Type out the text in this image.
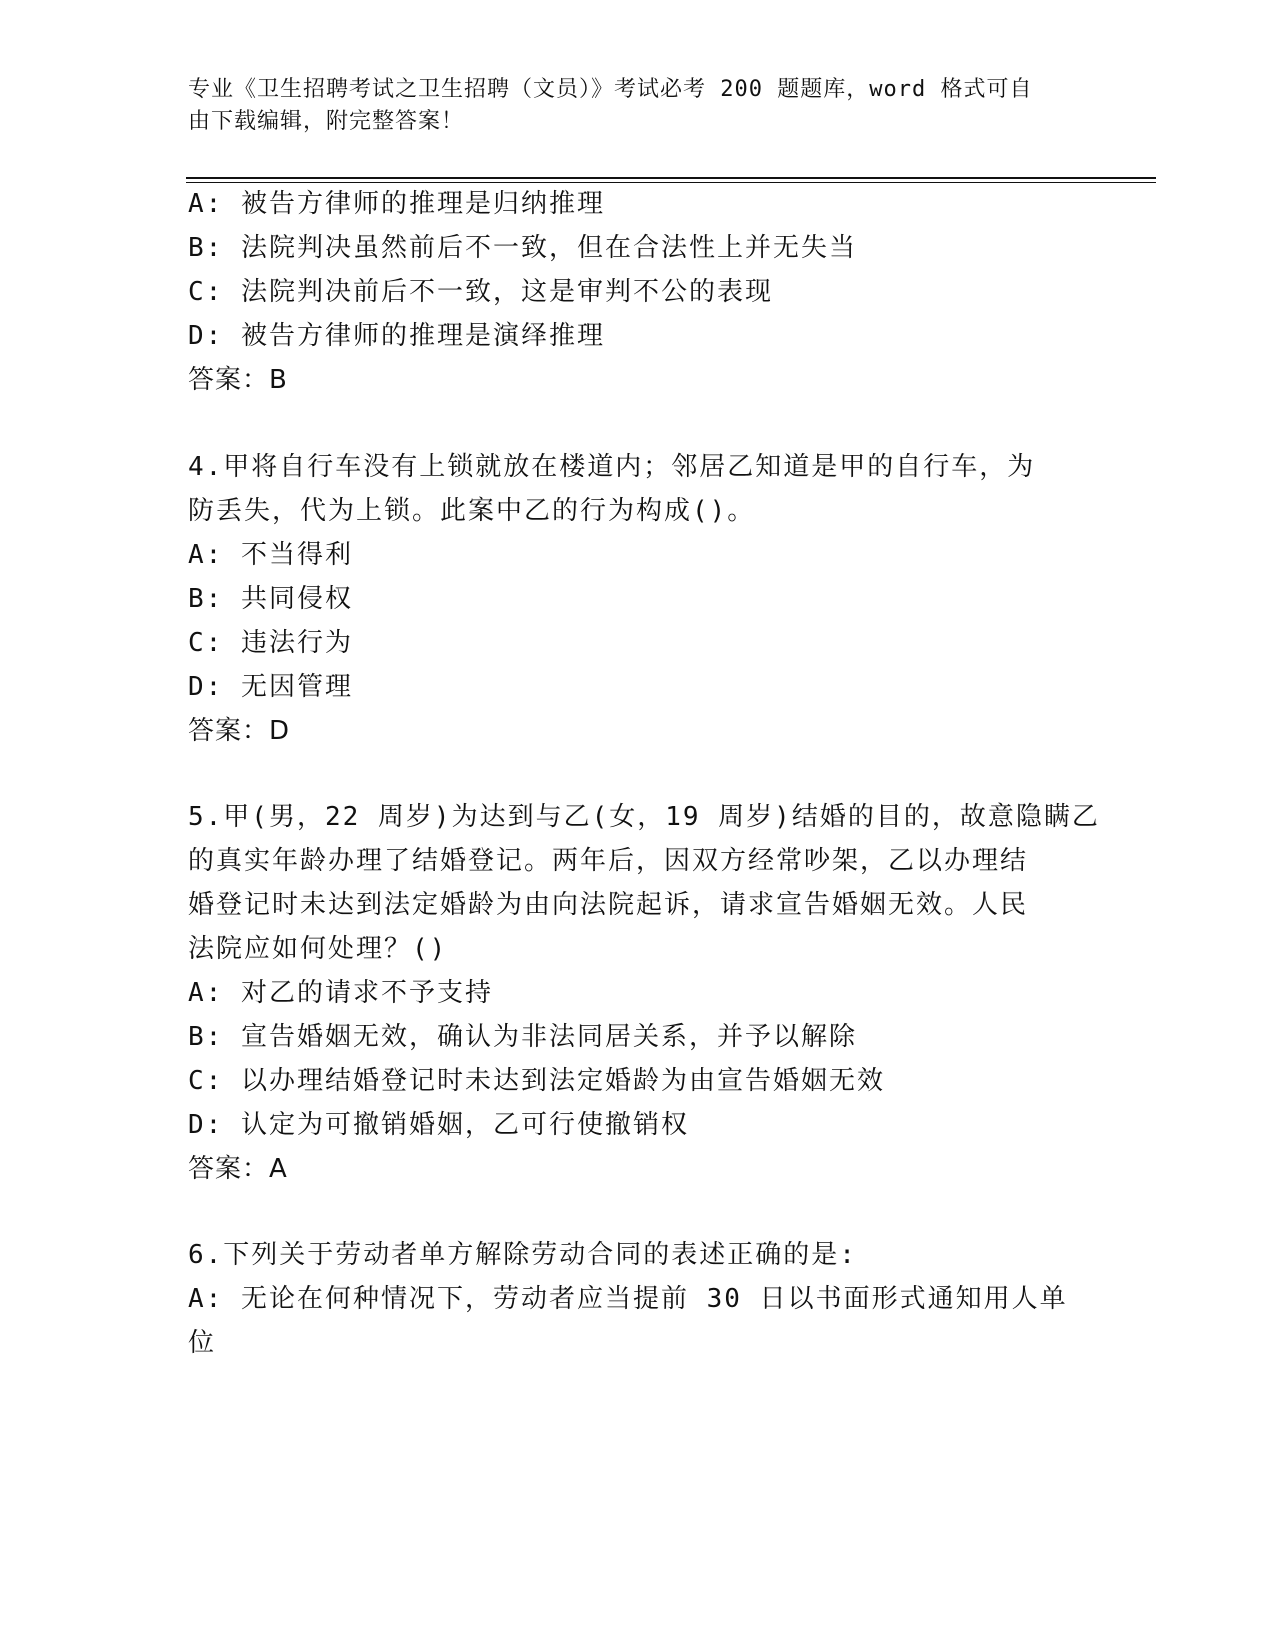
专业《卫生招聘考试之卫生招聘（文员）》考试必考 200 题题库，word 格式可自
由下载编辑，附完整答案！
A: 被告方律师的推理是归纳推理
B: 法院判决虽然前后不一致，但在合法性上并无失当
C: 法院判决前后不一致，这是审判不公的表现
D: 被告方律师的推理是演绎推理
答案：B
4.甲将自行车没有上锁就放在楼道内；邻居乙知道是甲的自行车，为
防丢失，代为上锁。此案中乙的行为构成()。
A: 不当得利
B: 共同侵权
C: 违法行为
D: 无因管理
答案：D
5.甲(男，22 周岁)为达到与乙(女，19 周岁)结婚的目的，故意隐瞒乙
的真实年龄办理了结婚登记。两年后，因双方经常吵架，乙以办理结
婚登记时未达到法定婚龄为由向法院起诉，请求宣告婚姻无效。人民
法院应如何处理？()
A: 对乙的请求不予支持
B: 宣告婚姻无效，确认为非法同居关系，并予以解除
C: 以办理结婚登记时未达到法定婚龄为由宣告婚姻无效
D: 认定为可撤销婚姻，乙可行使撤销权
答案：A
6.下列关于劳动者单方解除劳动合同的表述正确的是:
A: 无论在何种情况下，劳动者应当提前 30 日以书面形式通知用人单
位
